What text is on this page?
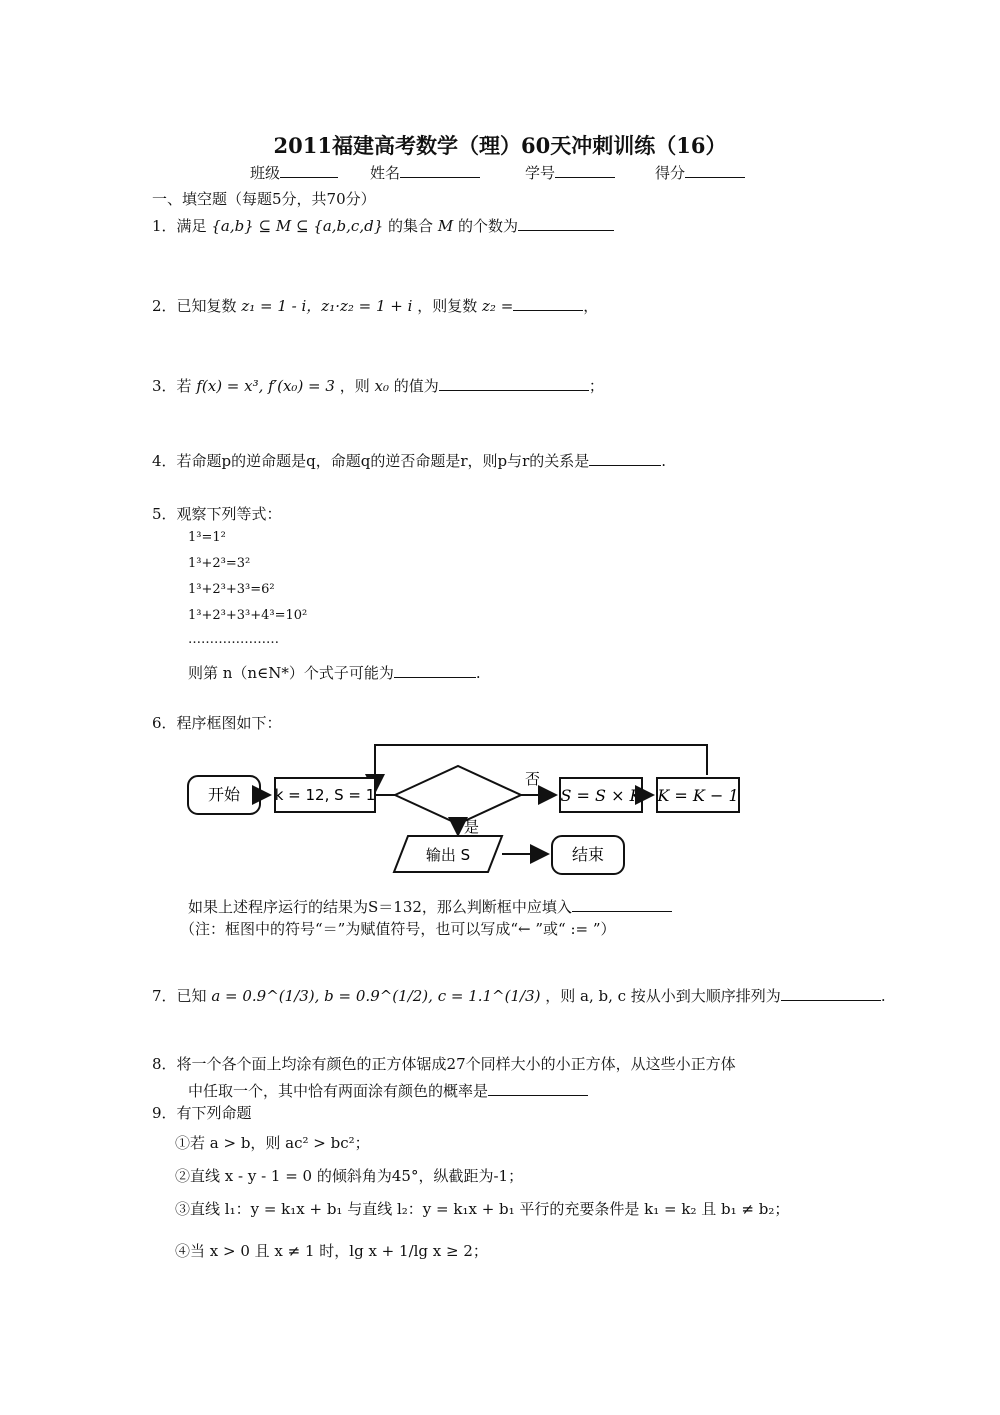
2011福建高考数学（理）60天冲刺训练（16）
班级	姓名	学号	得分
一、填空题（每题5分，共70分）
1．满足 {a,b} ⊆ M ⊆ {a,b,c,d} 的集合 M 的个数为
2．已知复数 z₁ = 1 - i，z₁·z₂ = 1 + i ，则复数 z₂ =	，
3．若 f(x) = x³, f′(x₀) = 3 ，则 x₀ 的值为	；
4．若命题p的逆命题是q，命题q的逆否命题是r，则p与r的关系是	.
5．观察下列等式：
1³=1²
1³+2³=3²
1³+2³+3³=6²
1³+2³+3³+4³=10²
…………………
则第 n（n∈N*）个式子可能为	.
6．程序框图如下：
开始 k = 12, S = 1
否
S = S × K K = K − 1
是
输出 S	结束
如果上述程序运行的结果为S＝132，那么判断框中应填入
（注：框图中的符号“＝”为赋值符号，也可以写成“← ”或“ := ”）
7．已知 a = 0.9^(1/3), b = 0.9^(1/2), c = 1.1^(1/3) ，则 a, b, c 按从小到大顺序排列为	.
8．将一个各个面上均涂有颜色的正方体锯成27个同样大小的小正方体，从这些小正方体
中任取一个，其中恰有两面涂有颜色的概率是
9．有下列命题
①若 a > b，则 ac² > bc²；
②直线 x - y - 1 = 0 的倾斜角为45°，纵截距为-1；
③直线 l₁：y = k₁x + b₁ 与直线 l₂：y = k₁x + b₁ 平行的充要条件是 k₁ = k₂ 且 b₁ ≠ b₂；
④当 x > 0 且 x ≠ 1 时，lg x + 1/lg x ≥ 2；
